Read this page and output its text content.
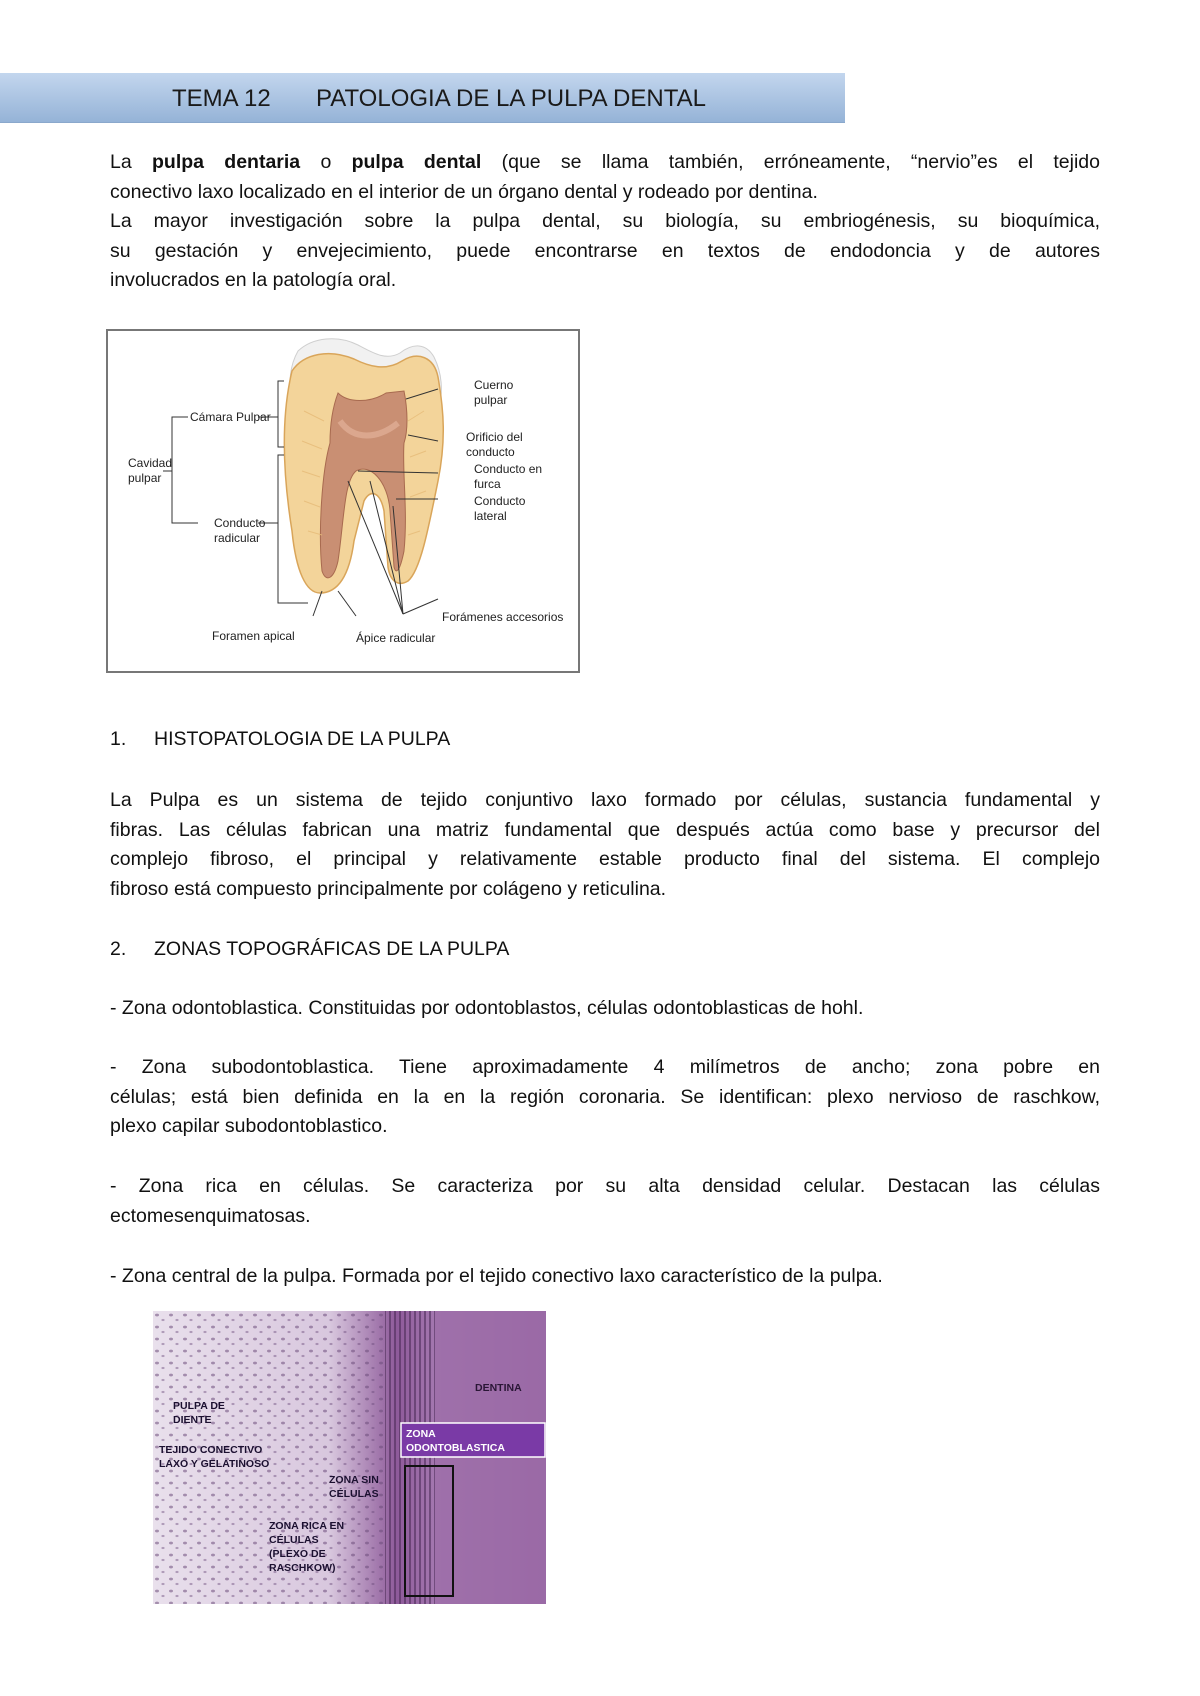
TEMA 12 PATOLOGIA DE LA PULPA DENTAL
La pulpa dentaria o pulpa dental (que se llama también, erróneamente, “nervio”es el tejido
conectivo laxo localizado en el interior de un órgano dental y rodeado por dentina.
La mayor investigación sobre la pulpa dental, su biología, su embriogénesis, su bioquímica,
su gestación y envejecimiento, puede encontrarse en textos de endodoncia y de autores
involucrados en la patología oral.
Cámara Pulpar
Cavidad
pulpar
Conducto
radicular
Foramen apical	Ápice radicular
Cuerno
pulpar
Orificio del
conducto
Conducto en
furca
Conducto
lateral
Forámenes accesorios
1. HISTOPATOLOGIA DE LA PULPA
La Pulpa es un sistema de tejido conjuntivo laxo formado por células, sustancia fundamental y
fibras. Las células fabrican una matriz fundamental que después actúa como base y precursor del
complejo fibroso, el principal y relativamente estable producto final del sistema. El complejo
fibroso está compuesto principalmente por colágeno y reticulina.
2. ZONAS TOPOGRÁFICAS DE LA PULPA
- Zona odontoblastica. Constituidas por odontoblastos, células odontoblasticas de hohl.
- Zona subodontoblastica. Tiene aproximadamente 4 milímetros de ancho; zona pobre en
células; está bien definida en la en la región coronaria. Se identifican: plexo nervioso de raschkow,
plexo capilar subodontoblastico.
- Zona rica en células. Se caracteriza por su alta densidad celular. Destacan las células
ectomesenquimatosas.
- Zona central de la pulpa. Formada por el tejido conectivo laxo característico de la pulpa.
DENTINA
PULPA DE
DIENTE
TEJIDO CONECTIVO
LAXO Y GELATINOSO
ZONA
ODONTOBLASTICA
ZONA SIN
CÉLULAS
ZONA RICA EN
CÉLULAS
(PLEXO DE
RASCHKOW)
